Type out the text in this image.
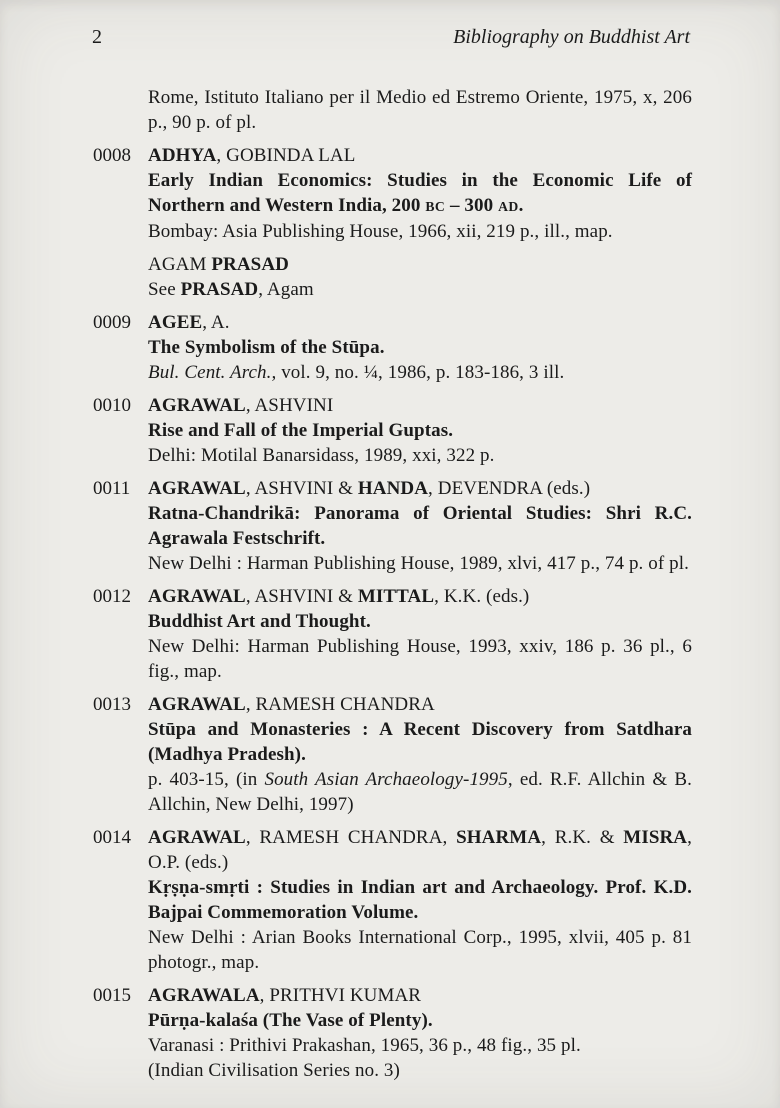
2	Bibliography on Buddhist Art

Rome, Istituto Italiano per il Medio ed Estremo Oriente, 1975, x, 206 p., 90 p. of pl.

0008 ADHYA, GOBINDA LAL

Early Indian Economics: Studies in the Economic Life of Northern and Western India, 200 BC – 300 AD.

Bombay: Asia Publishing House, 1966, xii, 219 p., ill., map.

AGAM PRASAD

See PRASAD, Agam

0009 AGEE, A.

The Symbolism of the Stūpa.

Bul. Cent. Arch., vol. 9, no. ¼, 1986, p. 183-186, 3 ill.

0010 AGRAWAL, ASHVINI

Rise and Fall of the Imperial Guptas.

Delhi: Motilal Banarsidass, 1989, xxi, 322 p.

0011 AGRAWAL, ASHVINI & HANDA, DEVENDRA (eds.)

Ratna-Chandrikā: Panorama of Oriental Studies: Shri R.C. Agrawala Festschrift.

New Delhi : Harman Publishing House, 1989, xlvi, 417 p., 74 p. of pl.

0012 AGRAWAL, ASHVINI & MITTAL, K.K. (eds.)

Buddhist Art and Thought.

New Delhi: Harman Publishing House, 1993, xxiv, 186 p. 36 pl., 6 fig., map.

0013 AGRAWAL, RAMESH CHANDRA

Stūpa and Monasteries : A Recent Discovery from Satdhara (Madhya Pradesh).

p. 403-15, (in South Asian Archaeology-1995, ed. R.F. Allchin & B. Allchin, New Delhi, 1997)

0014 AGRAWAL, RAMESH CHANDRA, SHARMA, R.K. & MISRA, O.P. (eds.)

Kṛṣṇa-smṛti : Studies in Indian art and Archaeology. Prof. K.D. Bajpai Commemoration Volume.

New Delhi : Arian Books International Corp., 1995, xlvii, 405 p. 81 photogr., map.

0015 AGRAWALA, PRITHVI KUMAR

Pūrṇa-kalaśa (The Vase of Plenty).

Varanasi : Prithivi Prakashan, 1965, 36 p., 48 fig., 35 pl.

(Indian Civilisation Series no. 3)
